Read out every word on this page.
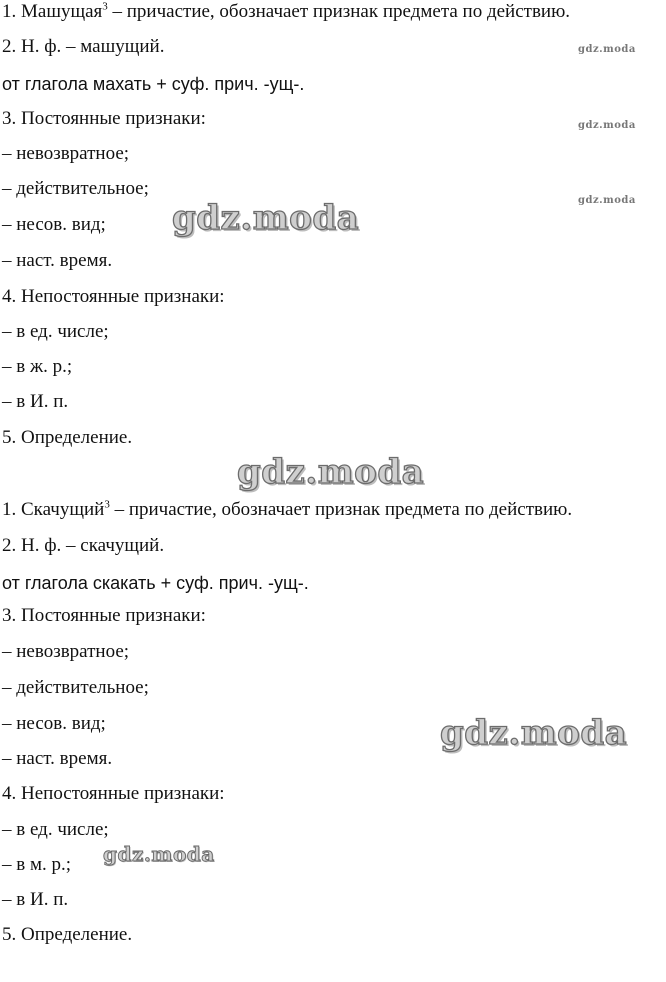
1. Машущая$^3$ – причастие, обозначает признак предмета по действию.
2. Н. ф. – машущий.
от глагола махать + суф. прич. -ущ-.
3. Постоянные признаки:
– невозвратное;
– действительное;
– несов. вид;
– наст. время.
4. Непостоянные признаки:
– в ед. числе;
– в ж. р.;
– в И. п.
5. Определение.
1. Скачущий$^3$ – причастие, обозначает признак предмета по действию.
2. Н. ф. – скачущий.
от глагола скакать + суф. прич. -ущ-.
3. Постоянные признаки:
– невозвратное;
– действительное;
– несов. вид;
– наст. время.
4. Непостоянные признаки:
– в ед. числе;
– в м. р.;
– в И. п.
5. Определение.
gdz.moda
gdz.moda
gdz.moda
gdz.moda
gdz.moda
gdz.moda
gdz.moda
